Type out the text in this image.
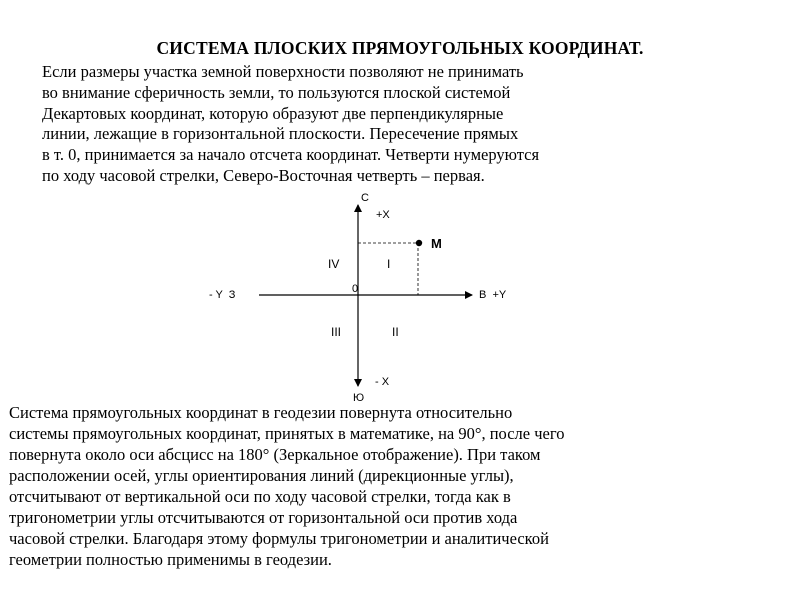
СИСТЕМА ПЛОСКИХ ПРЯМОУГОЛЬНЫХ КООРДИНАТ.
Если размеры участка земной поверхности позволяют не принимать
во внимание сферичность земли, то пользуются плоской системой
Декартовых координат, которую образуют две перпендикулярные
линии, лежащие в горизонтальной плоскости. Пересечение прямых
в т. 0, принимается за начало отсчета координат. Четверти нумеруются
по ходу часовой стрелки, Северо-Восточная четверть – первая.
С
+X
M
I
IV
- Y  З	0	В  +Y
III	II
- X
Ю
Система прямоугольных координат в геодезии повернута относительно
системы прямоугольных координат, принятых в математике, на 90°, после чего
повернута около оси абсцисс на 180° (Зеркальное отображение). При таком
расположении осей, углы ориентирования линий (дирекционные углы),
отсчитывают от вертикальной оси по ходу часовой стрелки, тогда как в
тригонометрии углы отсчитываются от горизонтальной оси против хода
часовой стрелки. Благодаря этому формулы тригонометрии и аналитической
геометрии полностью применимы в геодезии.
